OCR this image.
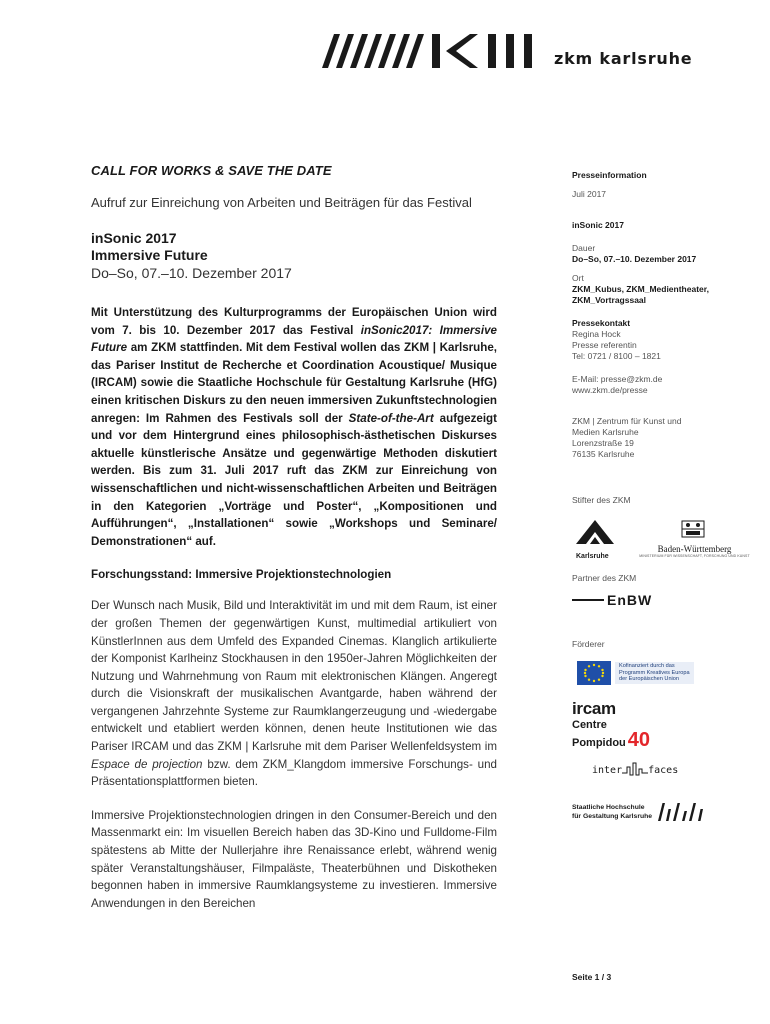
zkm karlsruhe

CALL FOR WORKS & SAVE THE DATE

Aufruf zur Einreichung von Arbeiten und Beiträgen für das Festival

inSonic 2017

Immersive Future

Do–So, 07.–10. Dezember 2017

Mit Unterstützung des Kulturprogramms der Europäischen Union wird vom 7. bis 10. Dezember 2017 das Festival inSonic2017: Immersive Future am ZKM stattfinden. Mit dem Festival wollen das ZKM | Karlsruhe, das Pariser Institut de Recherche et Coordination Acoustique/ Musique (IRCAM) sowie die Staatliche Hochschule für Gestaltung Karlsruhe (HfG) einen kritischen Diskurs zu den neuen immersiven Zukunftstechnologien anregen: Im Rahmen des Festivals soll der State-of-the-Art aufgezeigt und vor dem Hintergrund eines philosophisch-ästhetischen Diskurses aktuelle künstlerische Ansätze und gegenwärtige Methoden diskutiert werden. Bis zum 31. Juli 2017 ruft das ZKM zur Einreichung von wissenschaftlichen und nicht-wissenschaftlichen Arbeiten und Beiträgen in den Kategorien „Vorträge und Poster“, „Kompositionen und Aufführungen“, „Installationen“ sowie „Workshops und Seminare/ Demonstrationen“ auf.

Forschungsstand: Immersive Projektionstechnologien

Der Wunsch nach Musik, Bild und Interaktivität im und mit dem Raum, ist einer der großen Themen der gegenwärtigen Kunst, multimedial artikuliert von KünstlerInnen aus dem Umfeld des Expanded Cinemas. Klanglich artikulierte der Komponist Karlheinz Stockhausen in den 1950er-Jahren Möglichkeiten der Nutzung und Wahrnehmung von Raum mit elektronischen Klängen. Angeregt durch die Visionskraft der musikalischen Avantgarde, haben während der vergangenen Jahrzehnte Systeme zur Raumklangerzeugung und -wiedergabe entwickelt und etabliert werden können, denen heute Institutionen wie das Pariser IRCAM und das ZKM | Karlsruhe mit dem Pariser Wellenfeldsystem im Espace de projection bzw. dem ZKM_Klangdom immersive Forschungs- und Präsentationsplattformen bieten.

Immersive Projektionstechnologien dringen in den Consumer-Bereich und den Massenmarkt ein: Im visuellen Bereich haben das 3D-Kino und Fulldome-Film spätestens ab Mitte der Nullerjahre ihre Renaissance erlebt, während wenig später Veranstaltungshäuser, Filmpaläste, Theaterbühnen und Diskotheken begonnen haben in immersive Raumklangsysteme zu investieren. Immersive Anwendungen in den Bereichen

Presseinformation

Juli 2017

inSonic 2017

Dauer

Do–So, 07.–10. Dezember 2017

Ort

ZKM_Kubus, ZKM_Medientheater,

ZKM_Vortragssaal

Pressekontakt

Regina Hock

Presse referentin

Tel: 0721 / 8100 – 1821

E-Mail: presse@zkm.de

www.zkm.de/presse

ZKM | Zentrum für Kunst und

Medien Karlsruhe

Lorenzstraße 19

76135 Karlsruhe

Stifter des ZKM
Karlsruhe
Baden-Württemberg
MINISTERIUM FÜR WISSENSCHAFT, FORSCHUNG UND KUNST
Partner des ZKM
EnBW
Förderer
Kofinanziert durch das
Programm Kreatives Europa
der Europäischen Union
ircam
Centre
Pompidou 40
inter	faces
Staatliche Hochschule
für Gestaltung Karlsruhe
Seite 1 / 3
